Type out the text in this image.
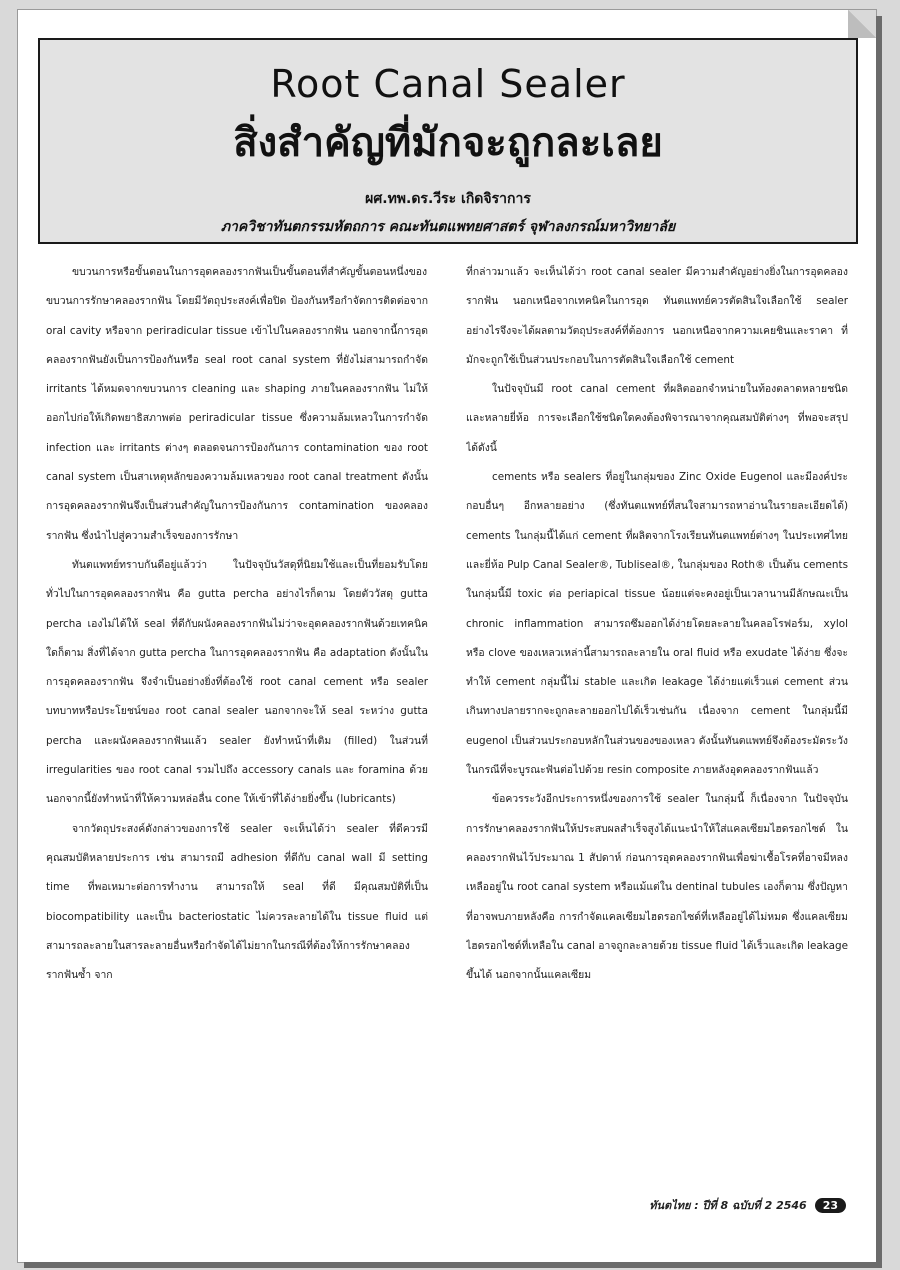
Root Canal Sealer
สิ่งสำคัญที่มักจะถูกละเลย
ผศ.ทพ.ดร.วีระ เกิดจิราการ
ภาควิชาทันตกรรมหัตถการ คณะทันตแพทยศาสตร์ จุฬาลงกรณ์มหาวิทยาลัย

ขบวนการหรือขั้นตอนในการอุดคลองรากฟันเป็นขั้นตอนที่สำคัญขั้นตอนหนึ่งของขบวนการรักษาคลองรากฟัน โดยมีวัตถุประสงค์เพื่อปิด ป้องกันหรือกำจัดการติดต่อจาก oral cavity หรือจาก periradicular tissue เข้าไปในคลองรากฟัน นอกจากนี้การอุดคลองรากฟันยังเป็นการป้องกันหรือ seal root canal system ที่ยังไม่สามารถกำจัด irritants ได้หมดจากขบวนการ cleaning และ shaping ภายในคลองรากฟัน ไม่ให้ออกไปก่อให้เกิดพยาธิสภาพต่อ periradicular tissue ซึ่งความล้มเหลวในการกำจัด infection และ irritants ต่างๆ ตลอดจนการป้องกันการ contamination ของ root canal system เป็นสาเหตุหลักของความล้มเหลวของ root canal treatment ดังนั้นการอุดคลองรากฟันจึงเป็นส่วนสำคัญในการป้องกันการ contamination ของคลองรากฟัน ซึ่งนำไปสู่ความสำเร็จของการรักษา

ทันตแพทย์ทราบกันดีอยู่แล้วว่า ในปัจจุบันวัสดุที่นิยมใช้และเป็นที่ยอมรับโดยทั่วไปในการอุดคลองรากฟัน คือ gutta percha อย่างไรก็ตาม โดยตัววัสดุ gutta percha เองไม่ได้ให้ seal ที่ดีกับผนังคลองรากฟันไม่ว่าจะอุดคลองรากฟันด้วยเทคนิคใดก็ตาม สิ่งที่ได้จาก gutta percha ในการอุดคลองรากฟัน คือ adaptation ดังนั้นในการอุดคลองรากฟัน จึงจำเป็นอย่างยิ่งที่ต้องใช้ root canal cement หรือ sealer บทบาทหรือประโยชน์ของ root canal sealer นอกจากจะให้ seal ระหว่าง gutta percha และผนังคลองรากฟันแล้ว sealer ยังทำหน้าที่เติม (filled) ในส่วนที่ irregularities ของ root canal รวมไปถึง accessory canals และ foramina ด้วย นอกจากนี้ยังทำหน้าที่ให้ความหล่อลื่น cone ให้เข้าที่ได้ง่ายยิ่งขึ้น (lubricants)

จากวัตถุประสงค์ดังกล่าวของการใช้ sealer จะเห็นได้ว่า sealer ที่ดีควรมีคุณสมบัติหลายประการ เช่น สามารถมี adhesion ที่ดีกับ canal wall มี setting time ที่พอเหมาะต่อการทำงาน สามารถให้ seal ที่ดี มีคุณสมบัติที่เป็น biocompatibility และเป็น bacteriostatic ไม่ควรละลายได้ใน tissue fluid แต่สามารถละลายในสารละลายอื่นหรือกำจัดได้ไม่ยากในกรณีที่ต้องให้การรักษาคลองรากฟันซ้ำ จาก

ที่กล่าวมาแล้ว จะเห็นได้ว่า root canal sealer มีความสำคัญอย่างยิ่งในการอุดคลองรากฟัน นอกเหนือจากเทคนิคในการอุด ทันตแพทย์ควรตัดสินใจเลือกใช้ sealer อย่างไรจึงจะได้ผลตามวัตถุประสงค์ที่ต้องการ นอกเหนือจากความเคยชินและราคา ที่มักจะถูกใช้เป็นส่วนประกอบในการตัดสินใจเลือกใช้ cement

ในปัจจุบันมี root canal cement ที่ผลิตออกจำหน่ายในท้องตลาดหลายชนิดและหลายยี่ห้อ การจะเลือกใช้ชนิดใดคงต้องพิจารณาจากคุณสมบัติต่างๆ ที่พอจะสรุปได้ดังนี้

cements หรือ sealers ที่อยู่ในกลุ่มของ Zinc Oxide Eugenol และมีองค์ประกอบอื่นๆ อีกหลายอย่าง (ซึ่งทันตแพทย์ที่สนใจสามารถหาอ่านในรายละเอียดได้) cements ในกลุ่มนี้ได้แก่ cement ที่ผลิตจากโรงเรียนทันตแพทย์ต่างๆ ในประเทศไทย และยี่ห้อ Pulp Canal Sealer®, Tubliseal®, ในกลุ่มของ Roth® เป็นต้น cements ในกลุ่มนี้มี toxic ต่อ periapical tissue น้อยแต่จะคงอยู่เป็นเวลานานมีลักษณะเป็น chronic inflammation สามารถซึมออกได้ง่ายโดยละลายในคลอโรฟอร์ม, xylol หรือ clove ของเหลวเหล่านี้สามารถละลายใน oral fluid หรือ exudate ได้ง่าย ซึ่งจะทำให้ cement กลุ่มนี้ไม่ stable และเกิด leakage ได้ง่ายแต่เร็วแต่ cement ส่วนเกินทางปลายรากจะถูกละลายออกไปได้เร็วเช่นกัน เนื่องจาก cement ในกลุ่มนี้มี eugenol เป็นส่วนประกอบหลักในส่วนของของเหลว ดังนั้นทันตแพทย์จึงต้องระมัดระวัง ในกรณีที่จะบูรณะฟันต่อไปด้วย resin composite ภายหลังอุดคลองรากฟันแล้ว

ข้อควรระวังอีกประการหนึ่งของการใช้ sealer ในกลุ่มนี้ ก็เนื่องจาก ในปัจจุบันการรักษาคลองรากฟันให้ประสบผลสำเร็จสูงได้แนะนำให้ใส่แคลเซียมไฮดรอกไซด์ ในคลองรากฟันไว้ประมาณ 1 สัปดาห์ ก่อนการอุดคลองรากฟันเพื่อฆ่าเชื้อโรคที่อาจมีหลงเหลืออยู่ใน root canal system หรือแม้แต่ใน dentinal tubules เองก็ตาม ซึ่งปัญหาที่อาจพบภายหลังคือ การกำจัดแคลเซียมไฮดรอกไซด์ที่เหลืออยู่ได้ไม่หมด ซึ่งแคลเซียมไฮดรอกไซด์ที่เหลือใน canal อาจถูกละลายด้วย tissue fluid ได้เร็วและเกิด leakage ขึ้นได้ นอกจากนั้นแคลเซียม

ทันตไทย : ปีที่ 8 ฉบับที่ 2 2546	23
